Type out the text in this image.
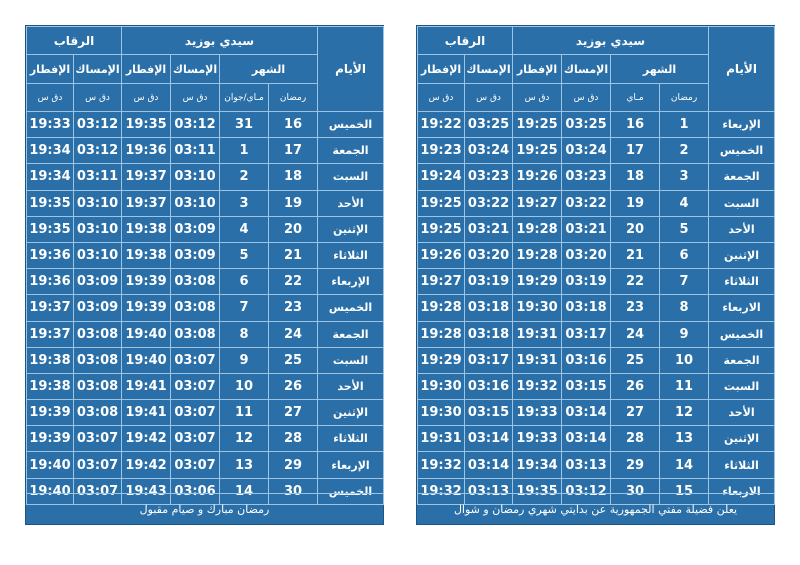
الأيام	سيدي بوزيد				الرقاب	
	الشهر		الإمساك	الإفطار	الإمساك	الإفطار
	رمضان	مـاي/جوان	دق س	دق س	دق س	دق س
الخميس	16	31	03:12	19:35	03:12	19:33
الجمعة	17	1	03:11	19:36	03:12	19:34
السبت	18	2	03:10	19:37	03:11	19:34
الأحد	19	3	03:10	19:37	03:10	19:35
الإثنين	20	4	03:09	19:38	03:10	19:35
الثلاثاء	21	5	03:09	19:38	03:10	19:36
الإربعاء	22	6	03:08	19:39	03:09	19:36
الخميس	23	7	03:08	19:39	03:09	19:37
الجمعة	24	8	03:08	19:40	03:08	19:37
السبت	25	9	03:07	19:40	03:08	19:38
الأحد	26	10	03:07	19:41	03:08	19:38
الإثنين	27	11	03:07	19:41	03:08	19:39
الثلاثاء	28	12	03:07	19:42	03:07	19:39
الإربعاء	29	13	03:07	19:42	03:07	19:40
الخميس	30	14	03:06	19:43	03:07	19:40
رمضان مبارك و صيام مقبول
الأيام	سيدي بوزيد				الرقاب	
	الشهر		الإمساك	الإفطار	الإمساك	الإفطار
	رمضان	مـاي	دق س	دق س	دق س	دق س
الإربعاء	1	16	03:25	19:25	03:25	19:22
الخميس	2	17	03:24	19:25	03:24	19:23
الجمعة	3	18	03:23	19:26	03:23	19:24
السبت	4	19	03:22	19:27	03:22	19:25
الأحد	5	20	03:21	19:28	03:21	19:25
الإثنين	6	21	03:20	19:28	03:20	19:26
الثلاثاء	7	22	03:19	19:29	03:19	19:27
الاربعاء	8	23	03:18	19:30	03:18	19:28
الخميس	9	24	03:17	19:31	03:18	19:28
الجمعة	10	25	03:16	19:31	03:17	19:29
السبت	11	26	03:15	19:32	03:16	19:30
الأحد	12	27	03:14	19:33	03:15	19:30
الإثنين	13	28	03:14	19:33	03:14	19:31
الثلاثاء	14	29	03:13	19:34	03:14	19:32
الاربعاء	15	30	03:12	19:35	03:13	19:32
يعلن فضيلة مفتي الجمهورية عن بدايتي شهري رمضان و شوال
